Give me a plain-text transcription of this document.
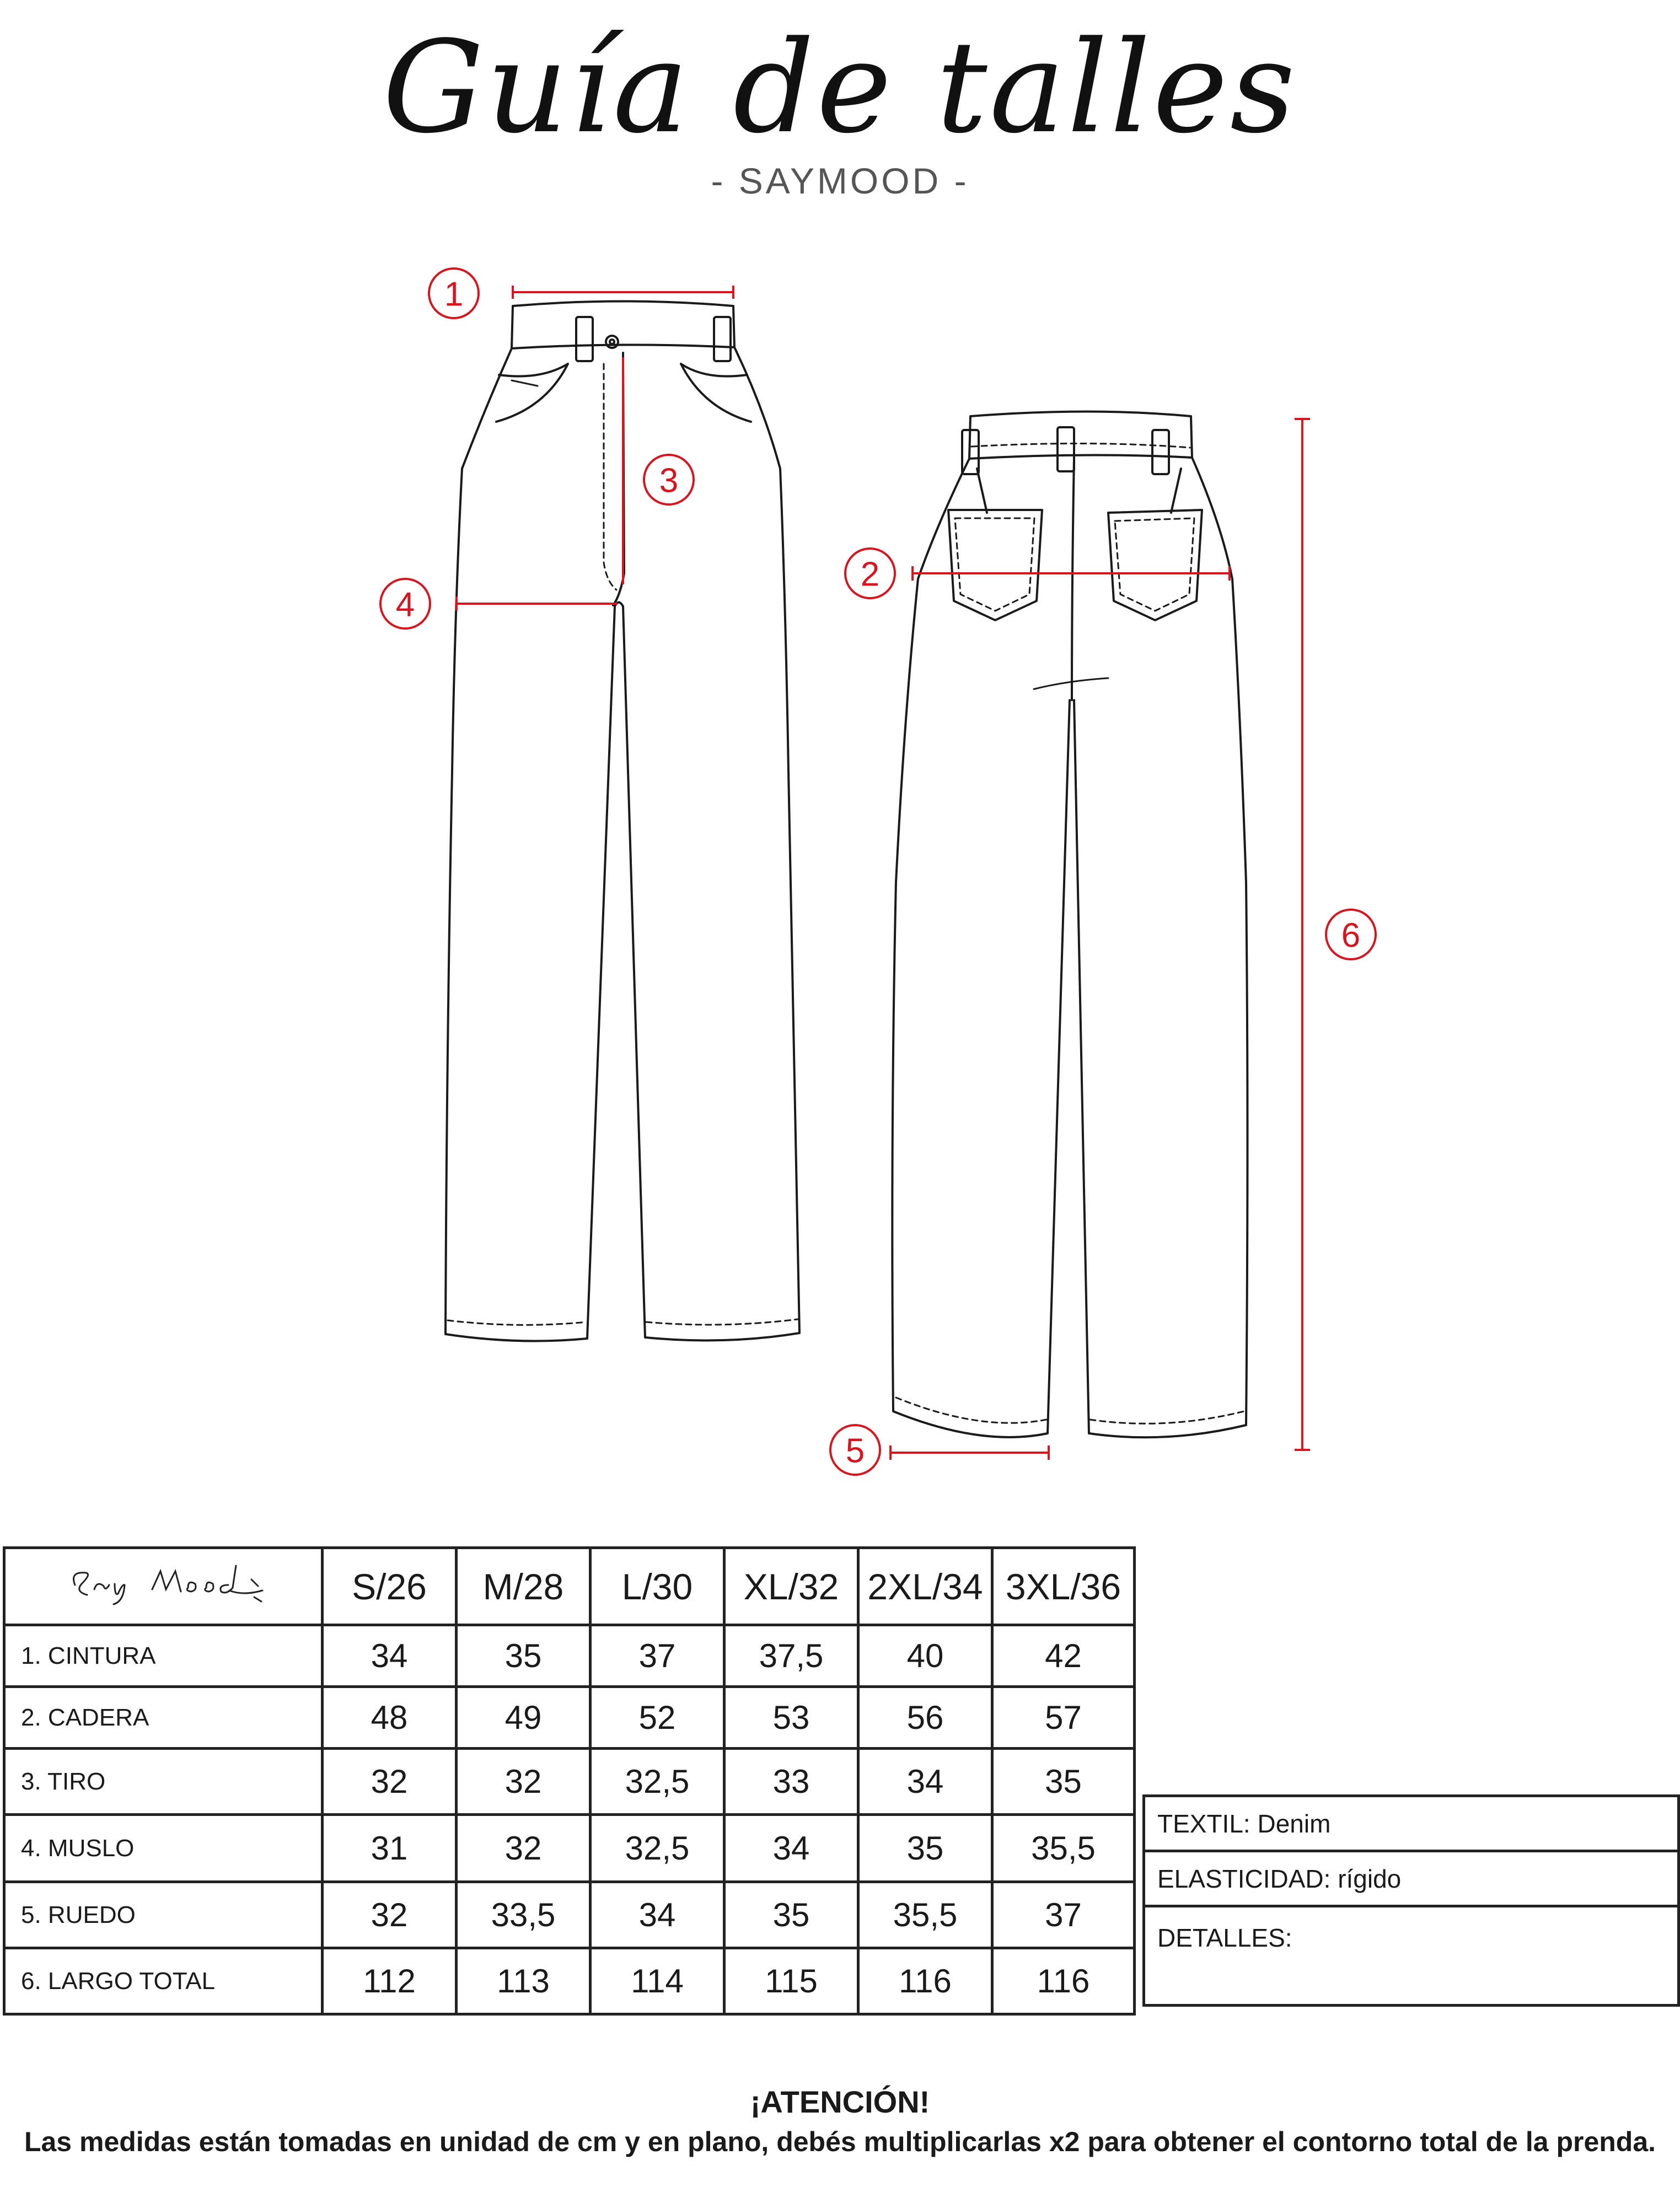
Guía de talles
- SAYMOOD -
1
2
3
4
5
6
	S/26	M/28	L/30	XL/32	2XL/34	3XL/36
1. CINTURA	34	35	37	37,5	40	42
2. CADERA	48	49	52	53	56	57
3. TIRO	32	32	32,5	33	34	35
4. MUSLO	31	32	32,5	34	35	35,5
5. RUEDO	32	33,5	34	35	35,5	37
6. LARGO TOTAL	112	113	114	115	116	116
TEXTIL: Denim
ELASTICIDAD: rígido
DETALLES:
¡ATENCIÓN!
Las medidas están tomadas en unidad de cm y en plano, debés multiplicarlas x2 para obtener el contorno total de la prenda.
